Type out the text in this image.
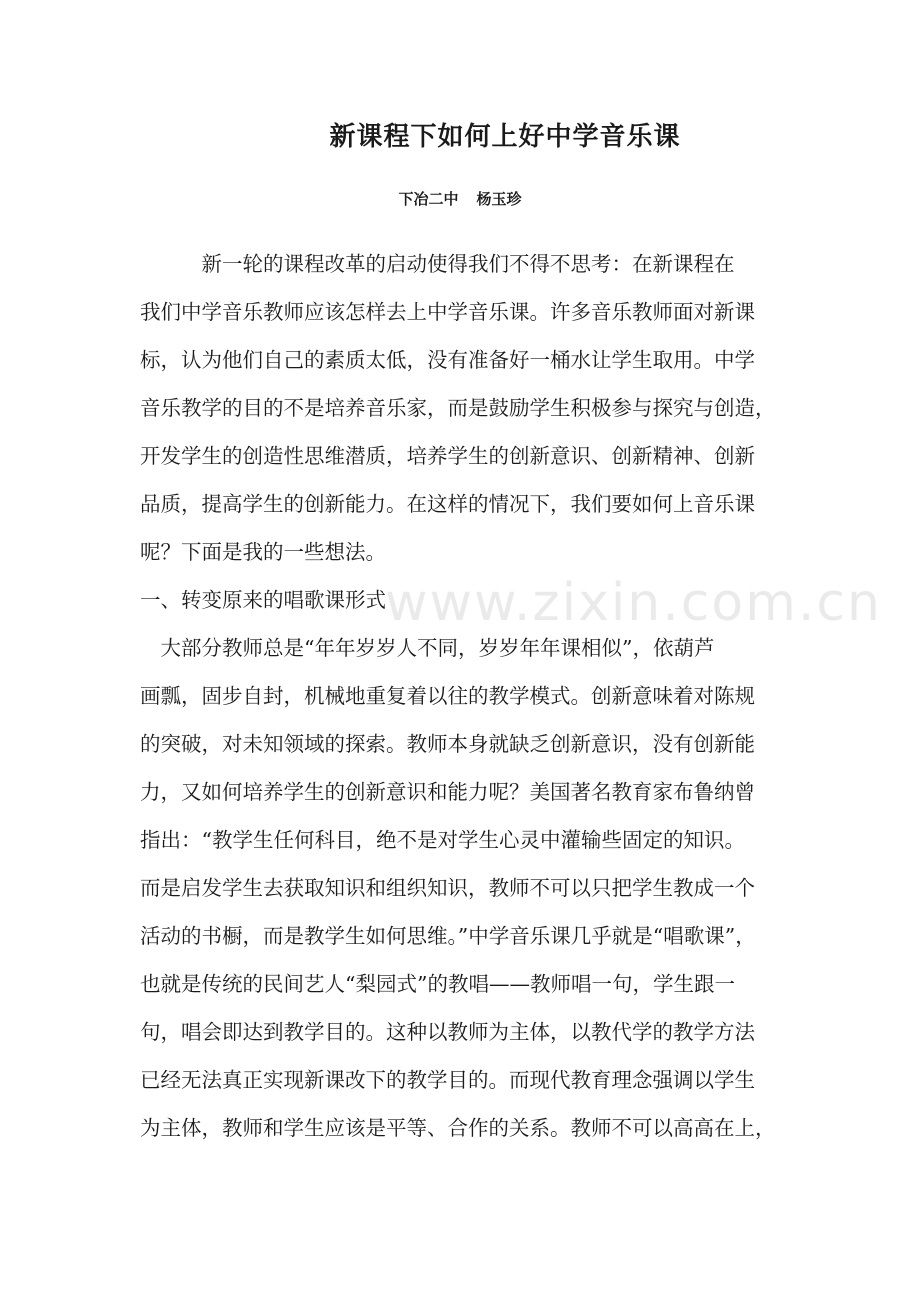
新课程下如何上好中学音乐课
下冶二中 杨玉珍
　　　新一轮的课程改革的启动使得我们不得不思考：在新课程在
我们中学音乐教师应该怎样去上中学音乐课。许多音乐教师面对新课
标，认为他们自己的素质太低，没有准备好一桶水让学生取用。中学
音乐教学的目的不是培养音乐家，而是鼓励学生积极参与探究与创造，
开发学生的创造性思维潜质，培养学生的创新意识、创新精神、创新
品质，提高学生的创新能力。在这样的情况下，我们要如何上音乐课
呢？下面是我的一些想法。
一、转变原来的唱歌课形式
　大部分教师总是“年年岁岁人不同，岁岁年年课相似”，依葫芦
画瓢，固步自封，机械地重复着以往的教学模式。创新意味着对陈规
的突破，对未知领域的探索。教师本身就缺乏创新意识，没有创新能
力，又如何培养学生的创新意识和能力呢？美国著名教育家布鲁纳曾
指出：“教学生任何科目，绝不是对学生心灵中灌输些固定的知识。
而是启发学生去获取知识和组织知识，教师不可以只把学生教成一个
活动的书橱，而是教学生如何思维。”中学音乐课几乎就是“唱歌课”，
也就是传统的民间艺人“梨园式”的教唱——教师唱一句，学生跟一
句，唱会即达到教学目的。这种以教师为主体，以教代学的教学方法
已经无法真正实现新课改下的教学目的。而现代教育理念强调以学生
为主体，教师和学生应该是平等、合作的关系。教师不可以高高在上，
www.zixin.com.cn
